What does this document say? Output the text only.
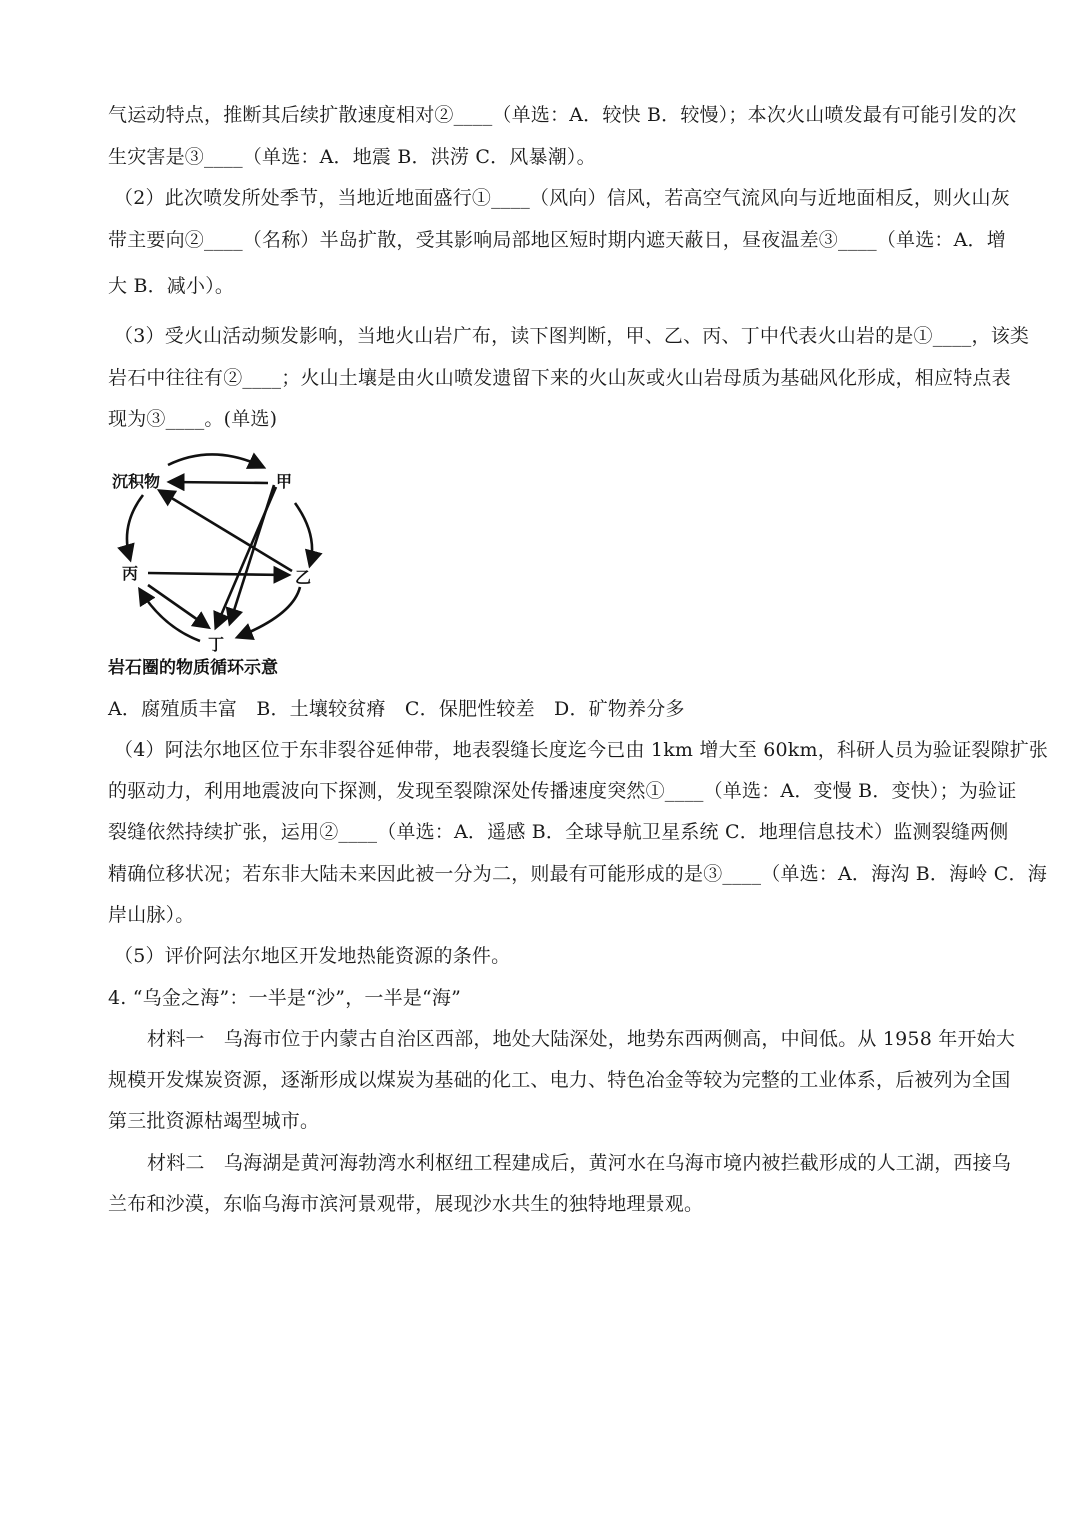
气运动特点，推断其后续扩散速度相对②____（单选：A．较快 B．较慢）；本次火山喷发最有可能引发的次
生灾害是③____（单选：A．地震 B．洪涝 C．风暴潮）。
（2）此次喷发所处季节，当地近地面盛行①____（风向）信风，若高空气流风向与近地面相反，则火山灰
带主要向②____（名称）半岛扩散，受其影响局部地区短时期内遮天蔽日，昼夜温差③____（单选：A．增
大 B．减小）。
（3）受火山活动频发影响，当地火山岩广布，读下图判断，甲、乙、丙、丁中代表火山岩的是①____，该类
岩石中往往有②____；火山土壤是由火山喷发遗留下来的火山灰或火山岩母质为基础风化形成，相应特点表
现为③____。(单选)
沉积物	甲
乙
丙
丁
岩石圈的物质循环示意
A．腐殖质丰富　B．土壤较贫瘠　C．保肥性较差　D．矿物养分多
（4）阿法尔地区位于东非裂谷延伸带，地表裂缝长度迄今已由 1km 增大至 60km，科研人员为验证裂隙扩张
的驱动力，利用地震波向下探测，发现至裂隙深处传播速度突然①____（单选：A．变慢 B．变快）；为验证
裂缝依然持续扩张，运用②____（单选：A．遥感 B．全球导航卫星系统 C．地理信息技术）监测裂缝两侧
精确位移状况；若东非大陆未来因此被一分为二，则最有可能形成的是③____（单选：A．海沟 B．海岭 C．海
岸山脉）。
（5）评价阿法尔地区开发地热能资源的条件。
4. “乌金之海”：一半是“沙”，一半是“海”
材料一　乌海市位于内蒙古自治区西部，地处大陆深处，地势东西两侧高，中间低。从 1958 年开始大
规模开发煤炭资源，逐渐形成以煤炭为基础的化工、电力、特色冶金等较为完整的工业体系，后被列为全国
第三批资源枯竭型城市。
材料二　乌海湖是黄河海勃湾水利枢纽工程建成后，黄河水在乌海市境内被拦截形成的人工湖，西接乌
兰布和沙漠，东临乌海市滨河景观带，展现沙水共生的独特地理景观。
